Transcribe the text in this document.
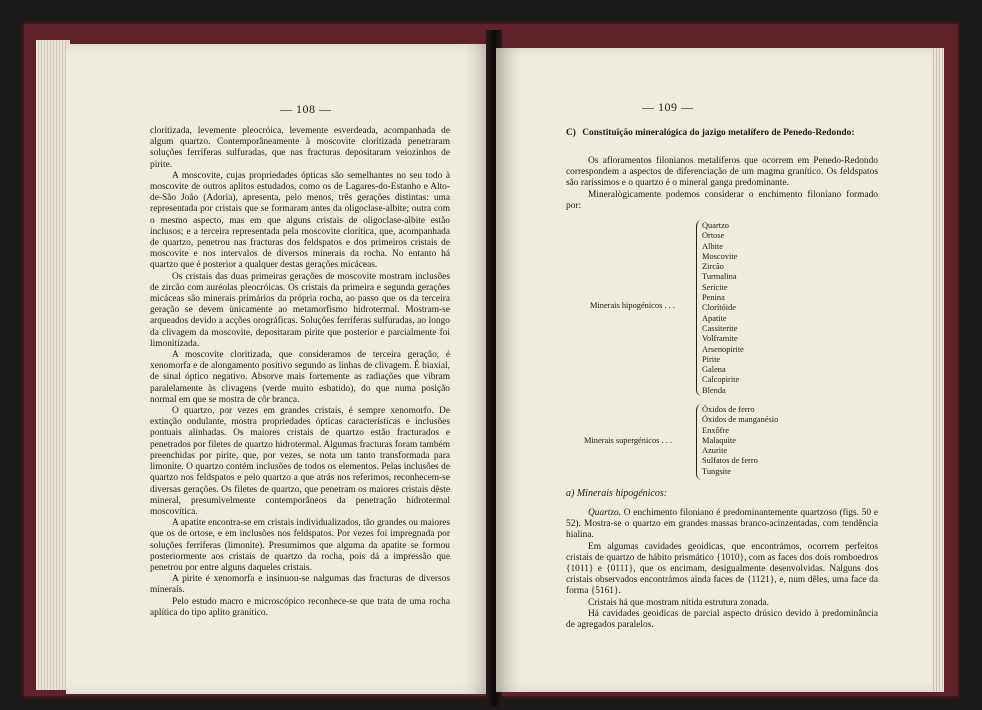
— 108 —

cloritizada, levemente pleocróica, levemente esverdeada, acompanhada de algum quartzo. Contemporâneamente à moscovite cloritizada penetraram soluções ferríferas sulfuradas, que nas fracturas depositaram veiozinhos de pirite.

A moscovite, cujas propriedades ópticas são semelhantes no seu todo à moscovite de outros aplitos estudados, como os de Lagares-do-Estanho e Alto-de-São João (Adoria), apresenta, pelo menos, três gerações distintas: uma representada por cristais que se formaram antes da oligoclase-albite; outra com o mesmo aspecto, mas em que alguns cristais de oligoclase-albite estão inclusos; e a terceira representada pela moscovite clorítica, que, acompanhada de quartzo, penetrou nas fracturas dos feldspatos e dos primeiros cristais de moscovite e nos intervalos de diversos minerais da rocha. No entanto há quartzo que é posterior a qualquer destas gerações micáceas.

Os cristais das duas primeiras gerações de moscovite mostram inclusões de zircão com auréolas pleocróicas. Os cristais da primeira e segunda gerações micáceas são minerais primários da própria rocha, ao passo que os da terceira geração se devem ùnicamente ao metamorfismo hidrotermal. Mostram-se arqueados devido a acções orográficas. Soluções ferríferas sulfuradas, ao longo da clivagem da moscovite, depositaram pirite que posterior e parcialmente foi limonitizada.

A moscovite cloritizada, que consideramos de terceira geração, é xenomorfa e de alongamento positivo segundo as linhas de clivagem. É biaxial, de sinal óptico negativo. Absorve mais fortemente as radiações que vibram paralelamente às clivagens (verde muito esbatido), do que numa posição normal em que se mostra de côr branca.

O quartzo, por vezes em grandes cristais, é sempre xenomorfo. De extinção ondulante, mostra propriedades ópticas características e inclusões pontuais alinhadas. Os maiores cristais de quartzo estão fracturados e penetrados por filetes de quartzo hidrotermal. Algumas fracturas foram também preenchidas por pirite, que, por vezes, se nota um tanto transformada para limonite. O quartzo contém inclusões de todos os elementos. Pelas inclusões de quartzo nos feldspatos e pelo quartzo a que atrás nos referimos, reconhecem-se diversas gerações. Os filetes de quartzo, que penetram os maiores cristais dêste mineral, presumìvelmente contemporâneos da penetração hidrotermal moscovítica.

A apatite encontra-se em cristais individualizados, tão grandes ou maiores que os de ortose, e em inclusões nos feldspatos. Por vezes foi impregnada por soluções ferríferas (limonite). Presumimos que alguma da apatite se formou posteriormente aos cristais de quartzo da rocha, pois dá a impressão que penetrou por entre alguns daqueles cristais.

A pirite é xenomorfa e insinuou-se nalgumas das fracturas de diversos minerais.

Pelo estudo macro e microscópico reconhece-se que trata de uma rocha aplítica do tipo aplito granítico.

— 109 —
C) Constituïção mineralógica do jazigo metalífero de Penedo-Redondo:

Os afloramentos filonianos metalíferos que ocorrem em Penedo-Redondo correspondem a aspectos de diferenciação de um magma granítico. Os feldspatos são raríssimos e o quartzo é o mineral ganga predominante.

Mineralògicamente podemos considerar o enchimento filoniano formado por:

Minerais hipogénicos . . .
Quartzo
Ortose
Albite
Moscovite
Zircão
Turmalina
Sericite
Penina
Clorítóide
Apatite
Cassiterite
Volframite
Arsenopirite
Pirite
Galena
Calcopirite
Blenda
Minerais supergénicos . . .
Óxidos de ferro
Óxidos de manganésio
Enxôfre
Malaquite
Azurite
Sulfatos de ferro
Tungsite
a) Minerais hipogénicos:

Quartzo. O enchimento filoniano é predominantemente quartzoso (figs. 50 e 52). Mostra-se o quartzo em grandes massas branco-acinzentadas, com tendência hialina.

Em algumas cavidades geoidicas, que encontrámos, ocorrem perfeitos cristais de quartzo de hábito prismático {1010}, com as faces dos dois romboedros {1011} e {0111}, que os encimam, desigualmente desenvolvidas. Nalguns dos cristais observados encontrámos ainda faces de {1121}, e, num dêles, uma face da forma {5161}.

Cristais há que mostram nítida estrutura zonada.

Há cavidades geoidicas de parcial aspecto drúsico devido à predominância de agregados paralelos.
